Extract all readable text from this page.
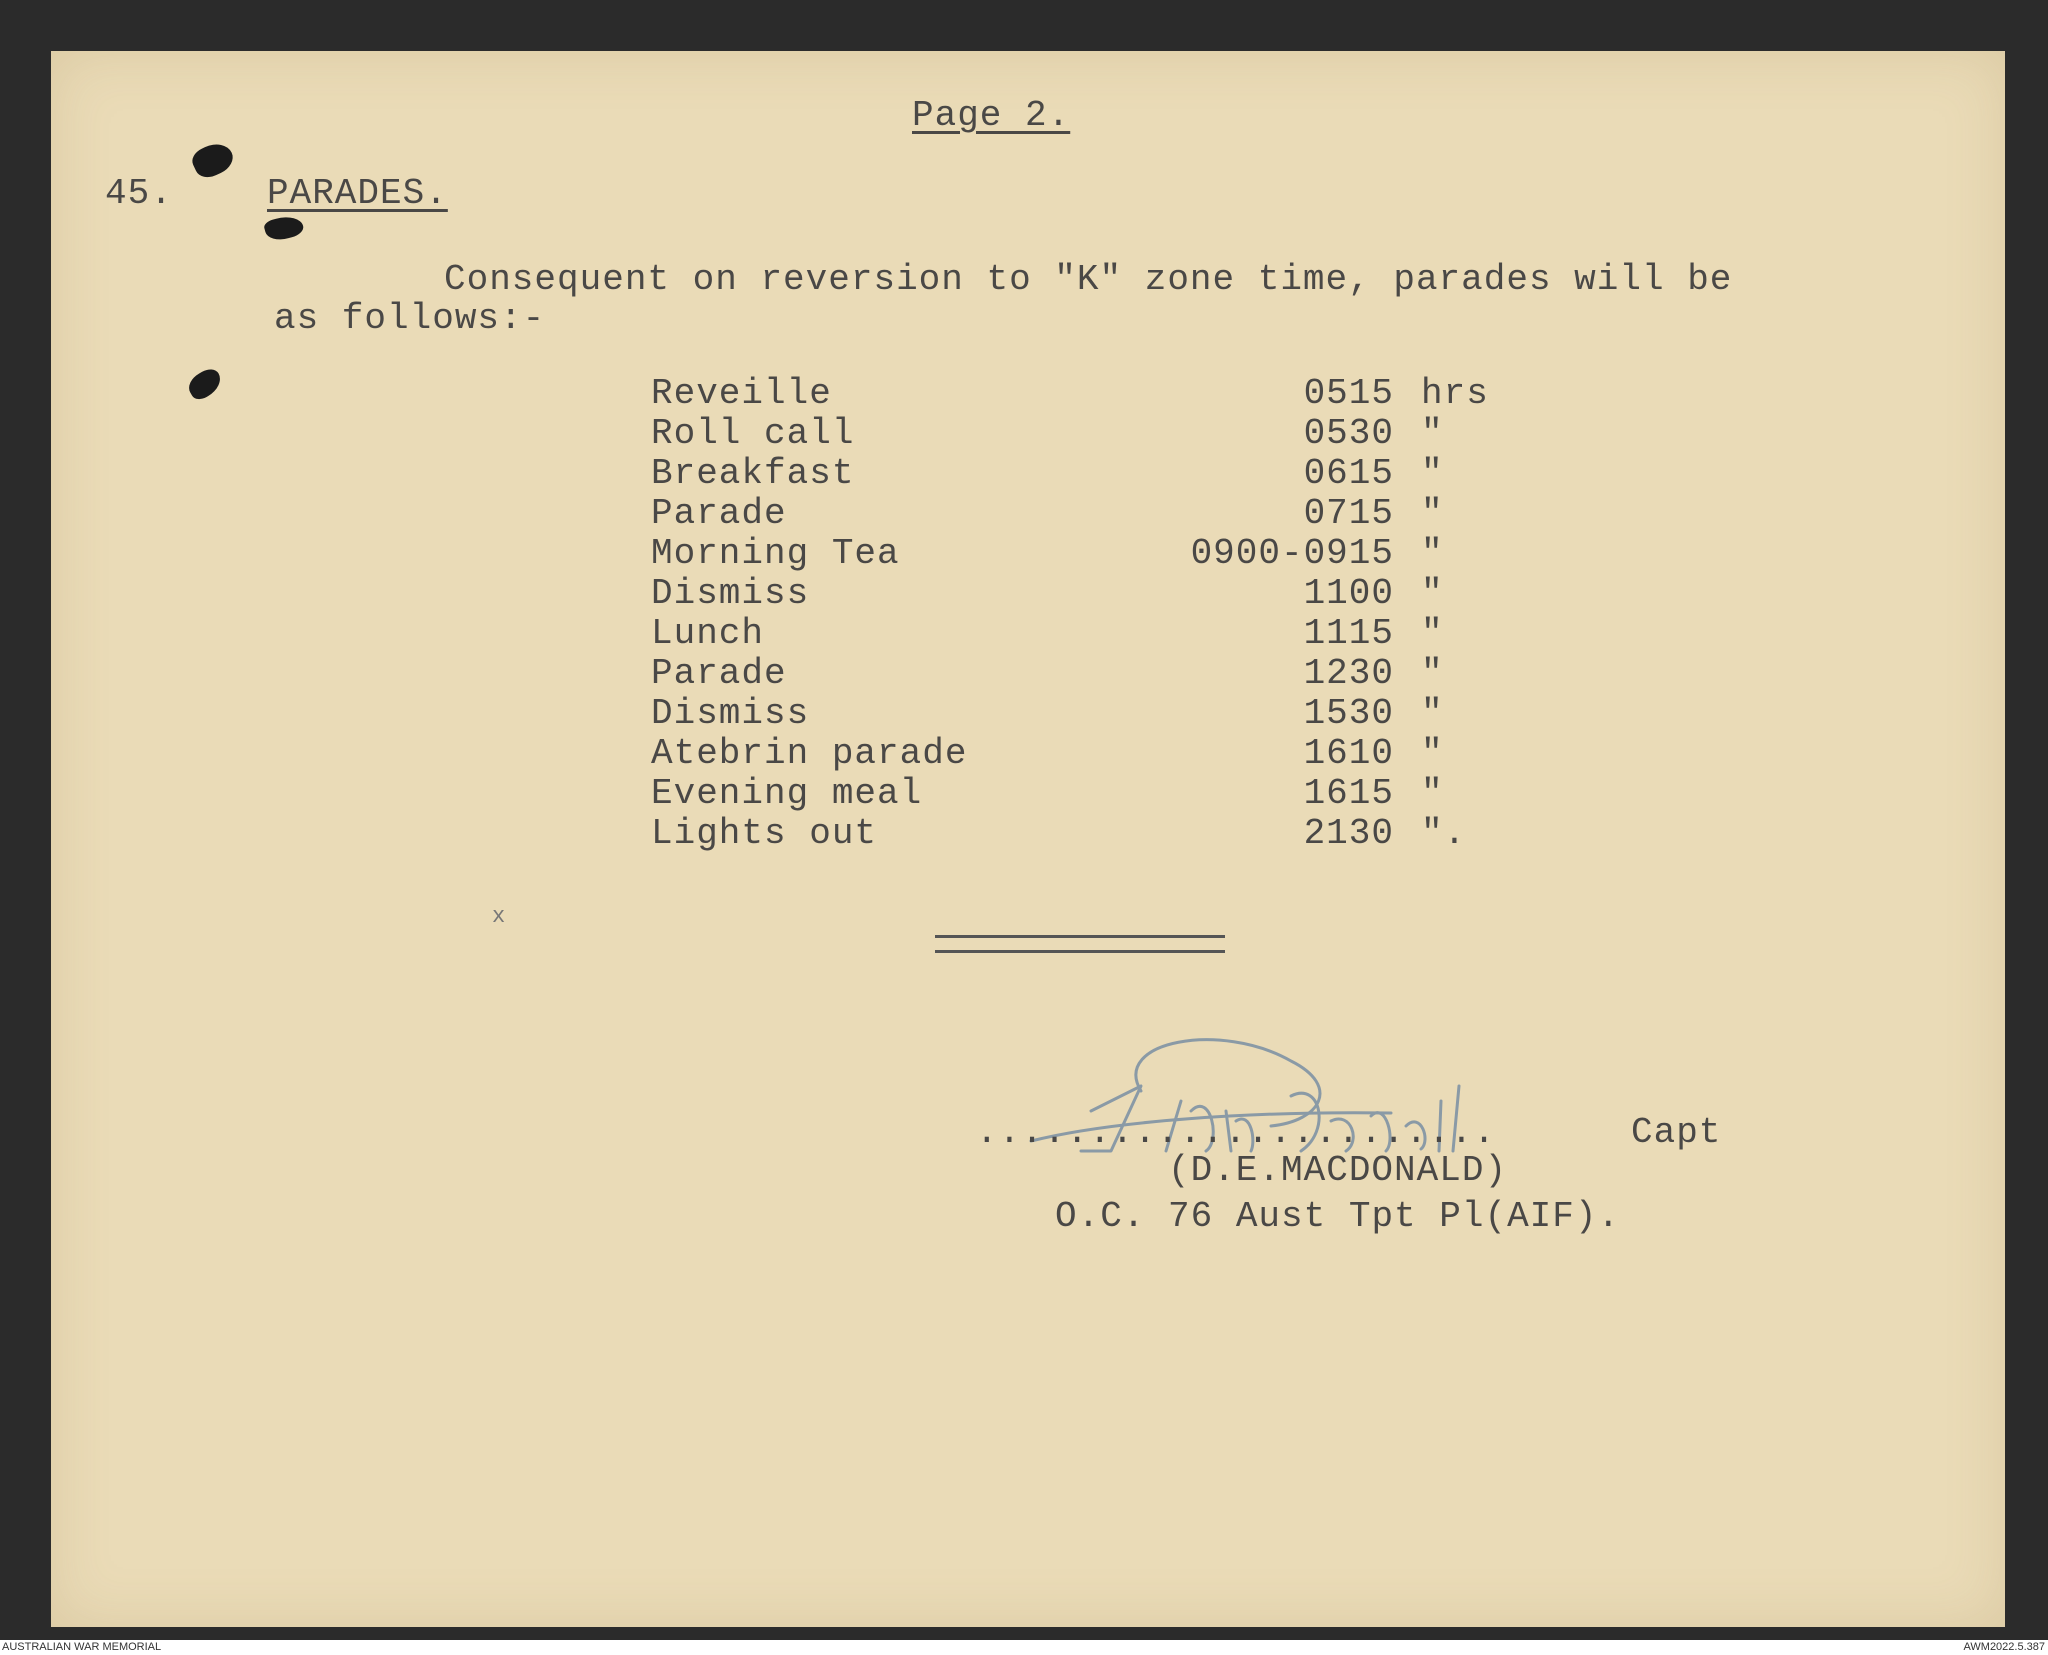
Page 2.
45.	PARADES.
Consequent on reversion to "K" zone time, parades will be
as follows:-
Reveille	0515 hrs
Roll call	0530 "
Breakfast	0615 "
Parade	0715 "
Morning Tea	0900-0915 "
Dismiss	1100 "
Lunch	1115 "
Parade	1230 "
Dismiss	1530 "
Atebrin parade	1610 "
Evening meal	1615 "
Lights out	2130 ".
x
.......................	Capt
(D.E.MACDONALD)
O.C. 76 Aust Tpt Pl(AIF).
AUSTRALIAN WAR MEMORIAL	AWM2022.5.387
